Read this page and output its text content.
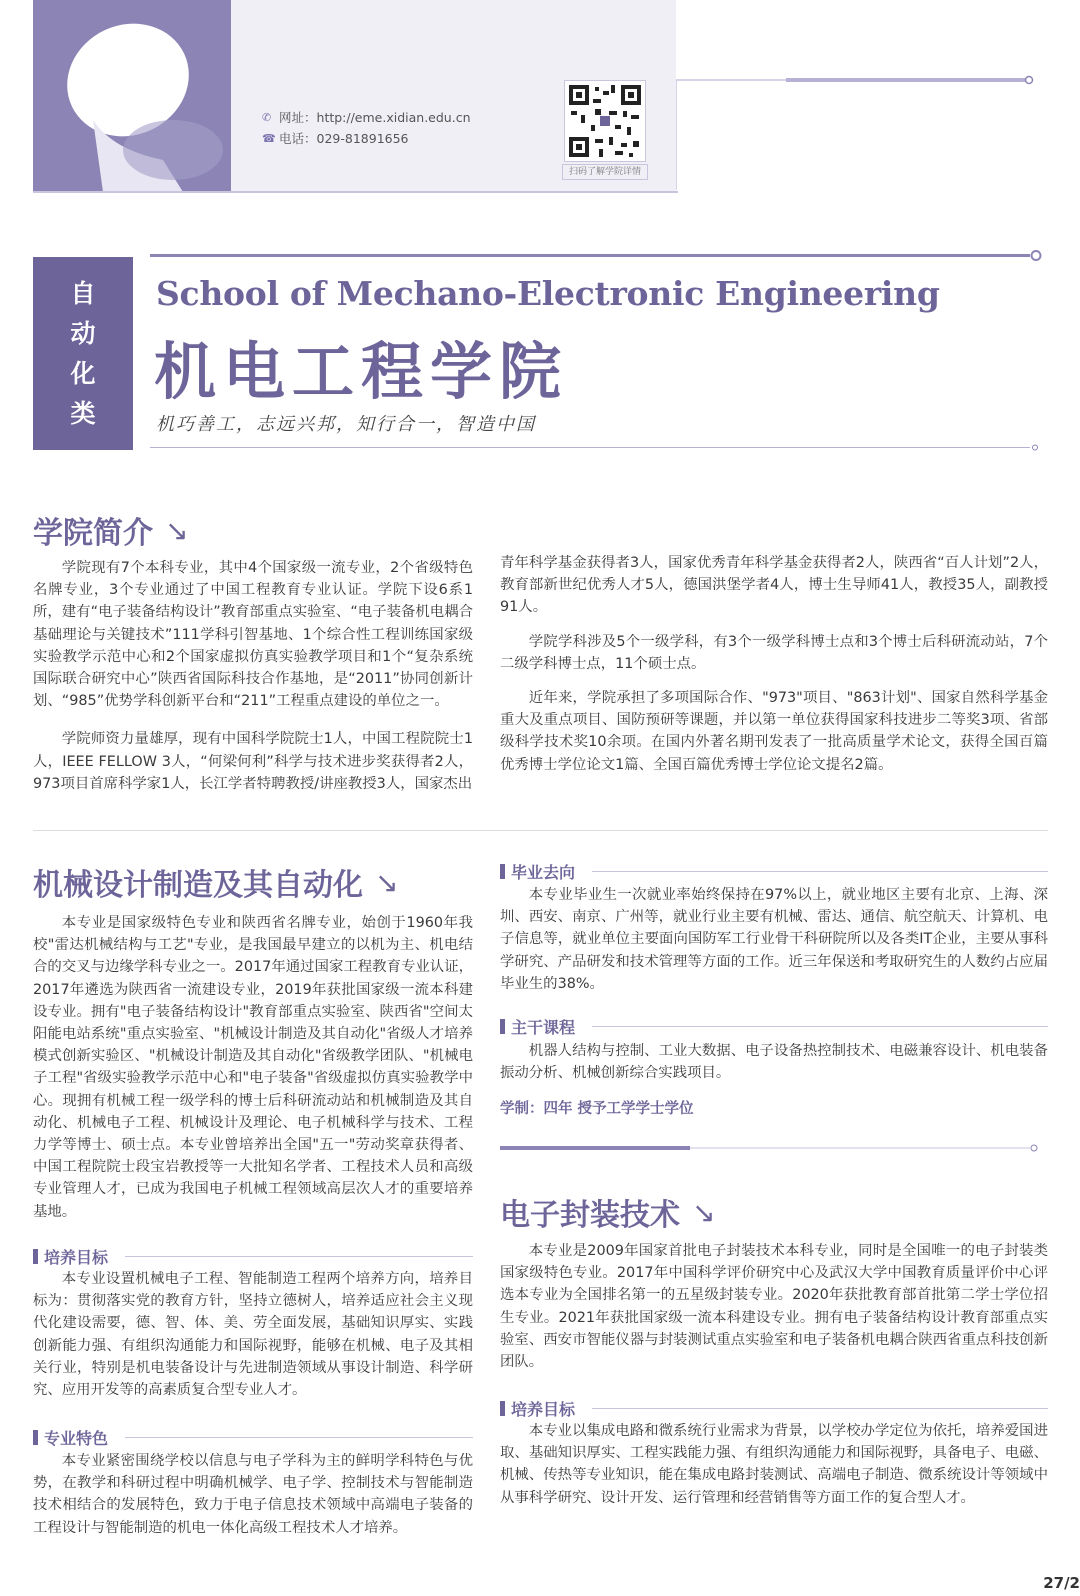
✆ 网址： http://eme.xidian.edu.cn
☎ 电话： 029-81891656
扫码了解学院详情
自
动
化
类
School of Mechano-Electronic Engineering
机电工程学院
机巧善工，志远兴邦，知行合一，智造中国
学院简介 ↘

学院现有7个本科专业，其中4个国家级一流专业，2个省级特色名牌专业，3个专业通过了中国工程教育专业认证。学院下设6系1所，建有“电子装备结构设计”教育部重点实验室、“电子装备机电耦合基础理论与关键技术”111学科引智基地、1个综合性工程训练国家级实验教学示范中心和2个国家虚拟仿真实验教学项目和1个“复杂系统国际联合研究中心”陕西省国际科技合作基地，是“2011”协同创新计划、“985”优势学科创新平台和“211”工程重点建设的单位之一。

学院师资力量雄厚，现有中国科学院院士1人，中国工程院院士1人，IEEE FELLOW 3人，“何梁何利”科学与技术进步奖获得者2人，973项目首席科学家1人，长江学者特聘教授/讲座教授3人，国家杰出

青年科学基金获得者3人，国家优秀青年科学基金获得者2人，陕西省“百人计划”2人，教育部新世纪优秀人才5人，德国洪堡学者4人，博士生导师41人，教授35人，副教授91人。

学院学科涉及5个一级学科，有3个一级学科博士点和3个博士后科研流动站，7个二级学科博士点，11个硕士点。

近年来，学院承担了多项国际合作、"973"项目、"863计划"、国家自然科学基金重大及重点项目、国防预研等课题，并以第一单位获得国家科技进步二等奖3项、省部级科学技术奖10余项。在国内外著名期刊发表了一批高质量学术论文，获得全国百篇优秀博士学位论文1篇、全国百篇优秀博士学位论文提名2篇。

机械设计制造及其自动化 ↘

本专业是国家级特色专业和陕西省名牌专业，始创于1960年我校"雷达机械结构与工艺"专业，是我国最早建立的以机为主、机电结合的交叉与边缘学科专业之一。2017年通过国家工程教育专业认证，2017年遴选为陕西省一流建设专业，2019年获批国家级一流本科建设专业。拥有"电子装备结构设计"教育部重点实验室、陕西省"空间太阳能电站系统"重点实验室、"机械设计制造及其自动化"省级人才培养模式创新实验区、"机械设计制造及其自动化"省级教学团队、"机械电子工程"省级实验教学示范中心和"电子装备"省级虚拟仿真实验教学中心。现拥有机械工程一级学科的博士后科研流动站和机械制造及其自动化、机械电子工程、机械设计及理论、电子机械科学与技术、工程力学等博士、硕士点。本专业曾培养出全国"五一"劳动奖章获得者、中国工程院院士段宝岩教授等一大批知名学者、工程技术人员和高级专业管理人才，已成为我国电子机械工程领域高层次人才的重要培养基地。

培养目标

本专业设置机械电子工程、智能制造工程两个培养方向，培养目标为：贯彻落实党的教育方针，坚持立德树人，培养适应社会主义现代化建设需要，德、智、体、美、劳全面发展，基础知识厚实、实践创新能力强、有组织沟通能力和国际视野，能够在机械、电子及其相关行业，特别是机电装备设计与先进制造领域从事设计制造、科学研究、应用开发等的高素质复合型专业人才。

专业特色

本专业紧密围绕学校以信息与电子学科为主的鲜明学科特色与优势，在教学和科研过程中明确机械学、电子学、控制技术与智能制造技术相结合的发展特色，致力于电子信息技术领域中高端电子装备的工程设计与智能制造的机电一体化高级工程技术人才培养。

毕业去向

本专业毕业生一次就业率始终保持在97%以上，就业地区主要有北京、上海、深圳、西安、南京、广州等，就业行业主要有机械、雷达、通信、航空航天、计算机、电子信息等，就业单位主要面向国防军工行业骨干科研院所以及各类IT企业，主要从事科学研究、产品研发和技术管理等方面的工作。近三年保送和考取研究生的人数约占应届毕业生的38%。

主干课程

机器人结构与控制、工业大数据、电子设备热控制技术、电磁兼容设计、机电装备振动分析、机械创新综合实践项目。

学制：四年 授予工学学士学位
电子封装技术 ↘

本专业是2009年国家首批电子封装技术本科专业，同时是全国唯一的电子封装类国家级特色专业。2017年中国科学评价研究中心及武汉大学中国教育质量评价中心评选本专业为全国排名第一的五星级封装专业。2020年获批教育部首批第二学士学位招生专业。2021年获批国家级一流本科建设专业。拥有电子装备结构设计教育部重点实验室、西安市智能仪器与封装测试重点实验室和电子装备机电耦合陕西省重点科技创新团队。

培养目标

本专业以集成电路和微系统行业需求为背景，以学校办学定位为依托，培养爱国进取、基础知识厚实、工程实践能力强、有组织沟通能力和国际视野，具备电子、电磁、机械、传热等专业知识，能在集成电路封装测试、高端电子制造、微系统设计等领域中从事科学研究、设计开发、运行管理和经营销售等方面工作的复合型人才。

27/2
